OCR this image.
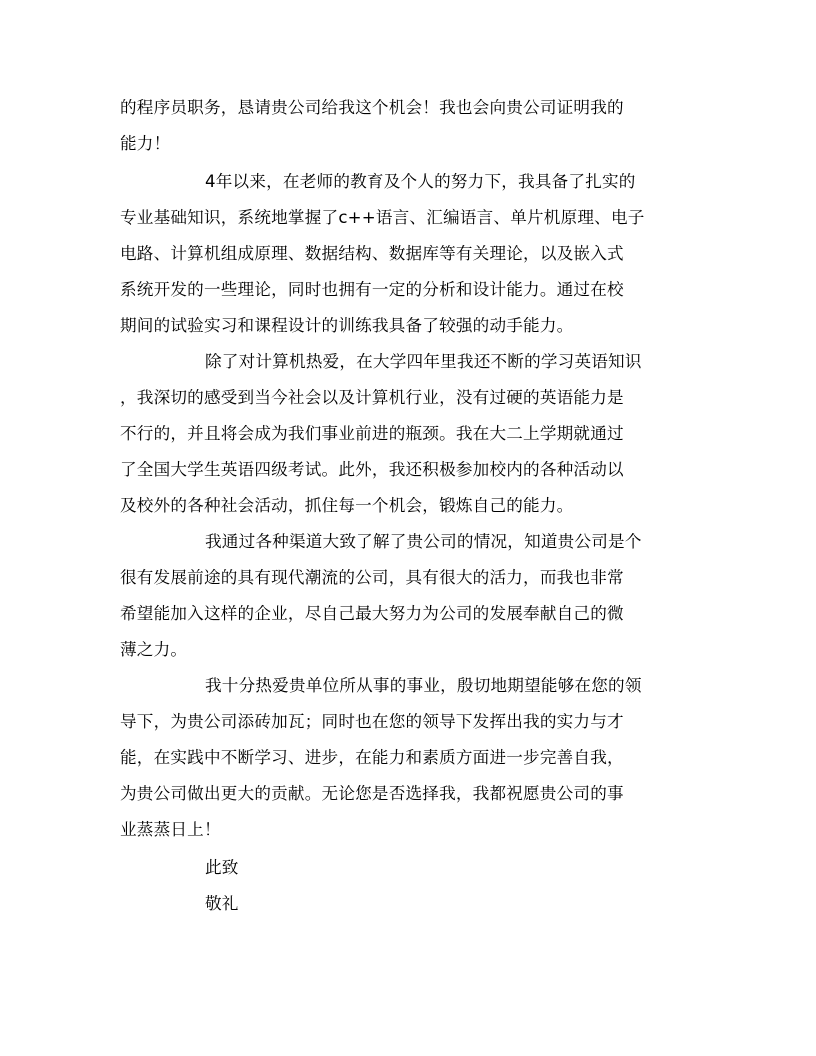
的程序员职务，恳请贵公司给我这个机会！我也会向贵公司证明我的
能力！
4年以来，在老师的教育及个人的努力下，我具备了扎实的
专业基础知识，系统地掌握了c++语言、汇编语言、单片机原理、电子
电路、计算机组成原理、数据结构、数据库等有关理论，以及嵌入式
系统开发的一些理论，同时也拥有一定的分析和设计能力。通过在校
期间的试验实习和课程设计的训练我具备了较强的动手能力。
除了对计算机热爱，在大学四年里我还不断的学习英语知识
，我深切的感受到当今社会以及计算机行业，没有过硬的英语能力是
不行的，并且将会成为我们事业前进的瓶颈。我在大二上学期就通过
了全国大学生英语四级考试。此外，我还积极参加校内的各种活动以
及校外的各种社会活动，抓住每一个机会，锻炼自己的能力。
我通过各种渠道大致了解了贵公司的情况，知道贵公司是个
很有发展前途的具有现代潮流的公司，具有很大的活力，而我也非常
希望能加入这样的企业，尽自己最大努力为公司的发展奉献自己的微
薄之力。
我十分热爱贵单位所从事的事业，殷切地期望能够在您的领
导下，为贵公司添砖加瓦；同时也在您的领导下发挥出我的实力与才
能，在实践中不断学习、进步，在能力和素质方面进一步完善自我，
为贵公司做出更大的贡献。无论您是否选择我，我都祝愿贵公司的事
业蒸蒸日上！
此致
敬礼
